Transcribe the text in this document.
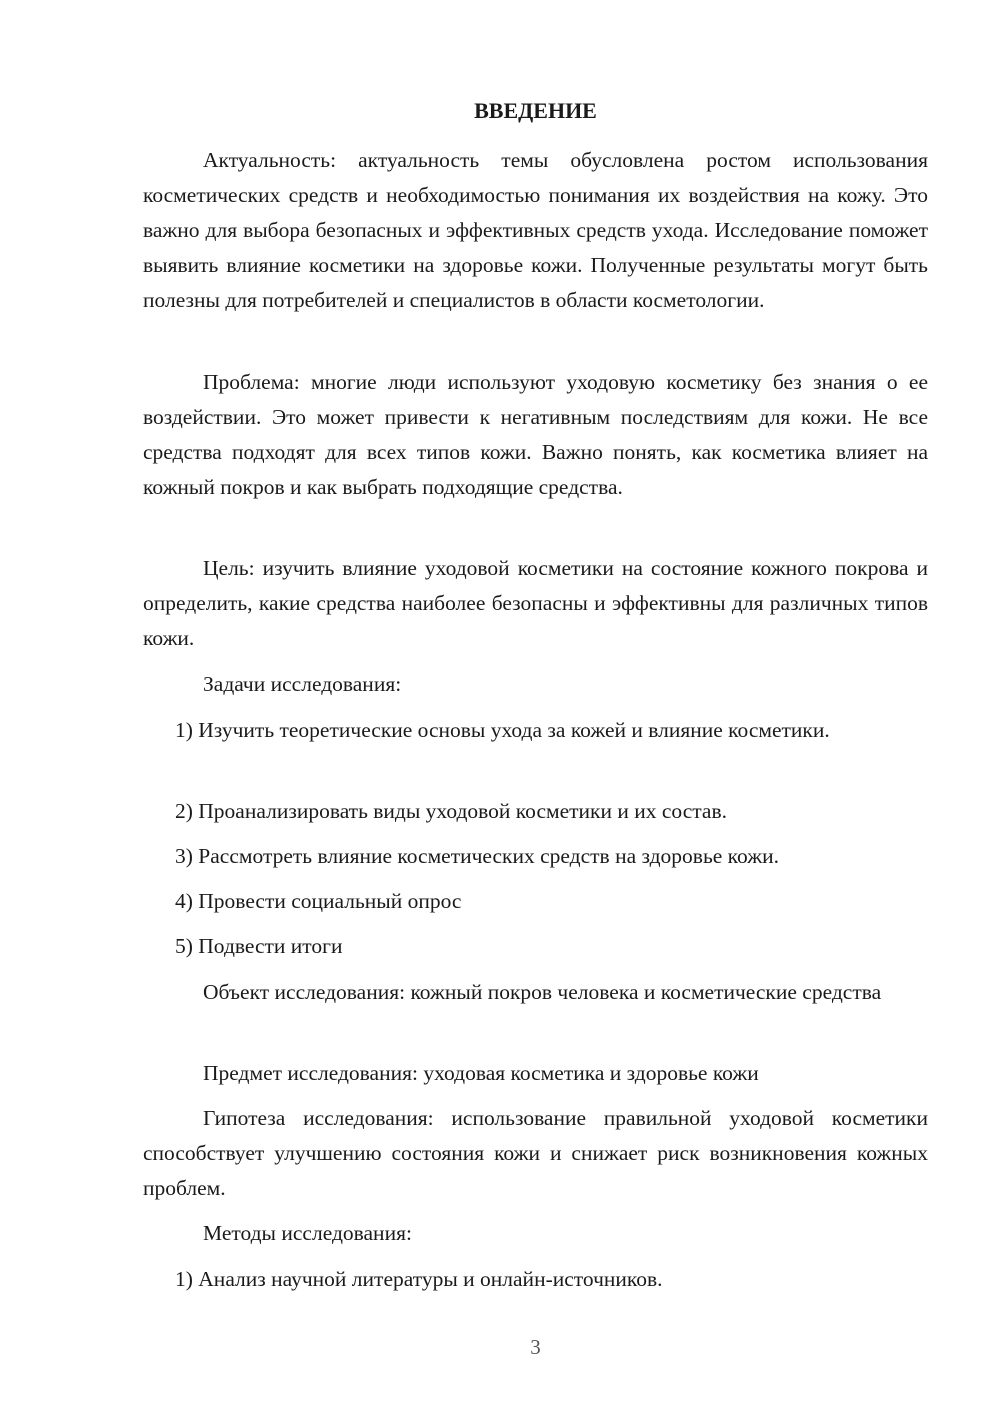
ВВЕДЕНИЕ

Актуальность: актуальность темы обусловлена ростом использования косметических средств и необходимостью понимания их воздействия на кожу. Это важно для выбора безопасных и эффективных средств ухода. Исследование поможет выявить влияние косметики на здоровье кожи. Полученные результаты могут быть полезны для потребителей и специалистов в области косметологии.

Проблема: многие люди используют уходовую косметику без знания о ее воздействии. Это может привести к негативным последствиям для кожи. Не все средства подходят для всех типов кожи. Важно понять, как косметика влияет на кожный покров и как выбрать подходящие средства.

Цель: изучить влияние уходовой косметики на состояние кожного покрова и определить, какие средства наиболее безопасны и эффективны для различных типов кожи.

Задачи исследования:

1) Изучить теоретические основы ухода за кожей и влияние косметики.

2) Проанализировать виды уходовой косметики и их состав.

3) Рассмотреть влияние косметических средств на здоровье кожи.

4) Провести социальный опрос

5) Подвести итоги

Объект исследования: кожный покров человека и косметические средства

Предмет исследования: уходовая косметика и здоровье кожи

Гипотеза исследования: использование правильной уходовой косметики способствует улучшению состояния кожи и снижает риск возникновения кожных проблем.

Методы исследования:

1) Анализ научной литературы и онлайн-источников.

3
